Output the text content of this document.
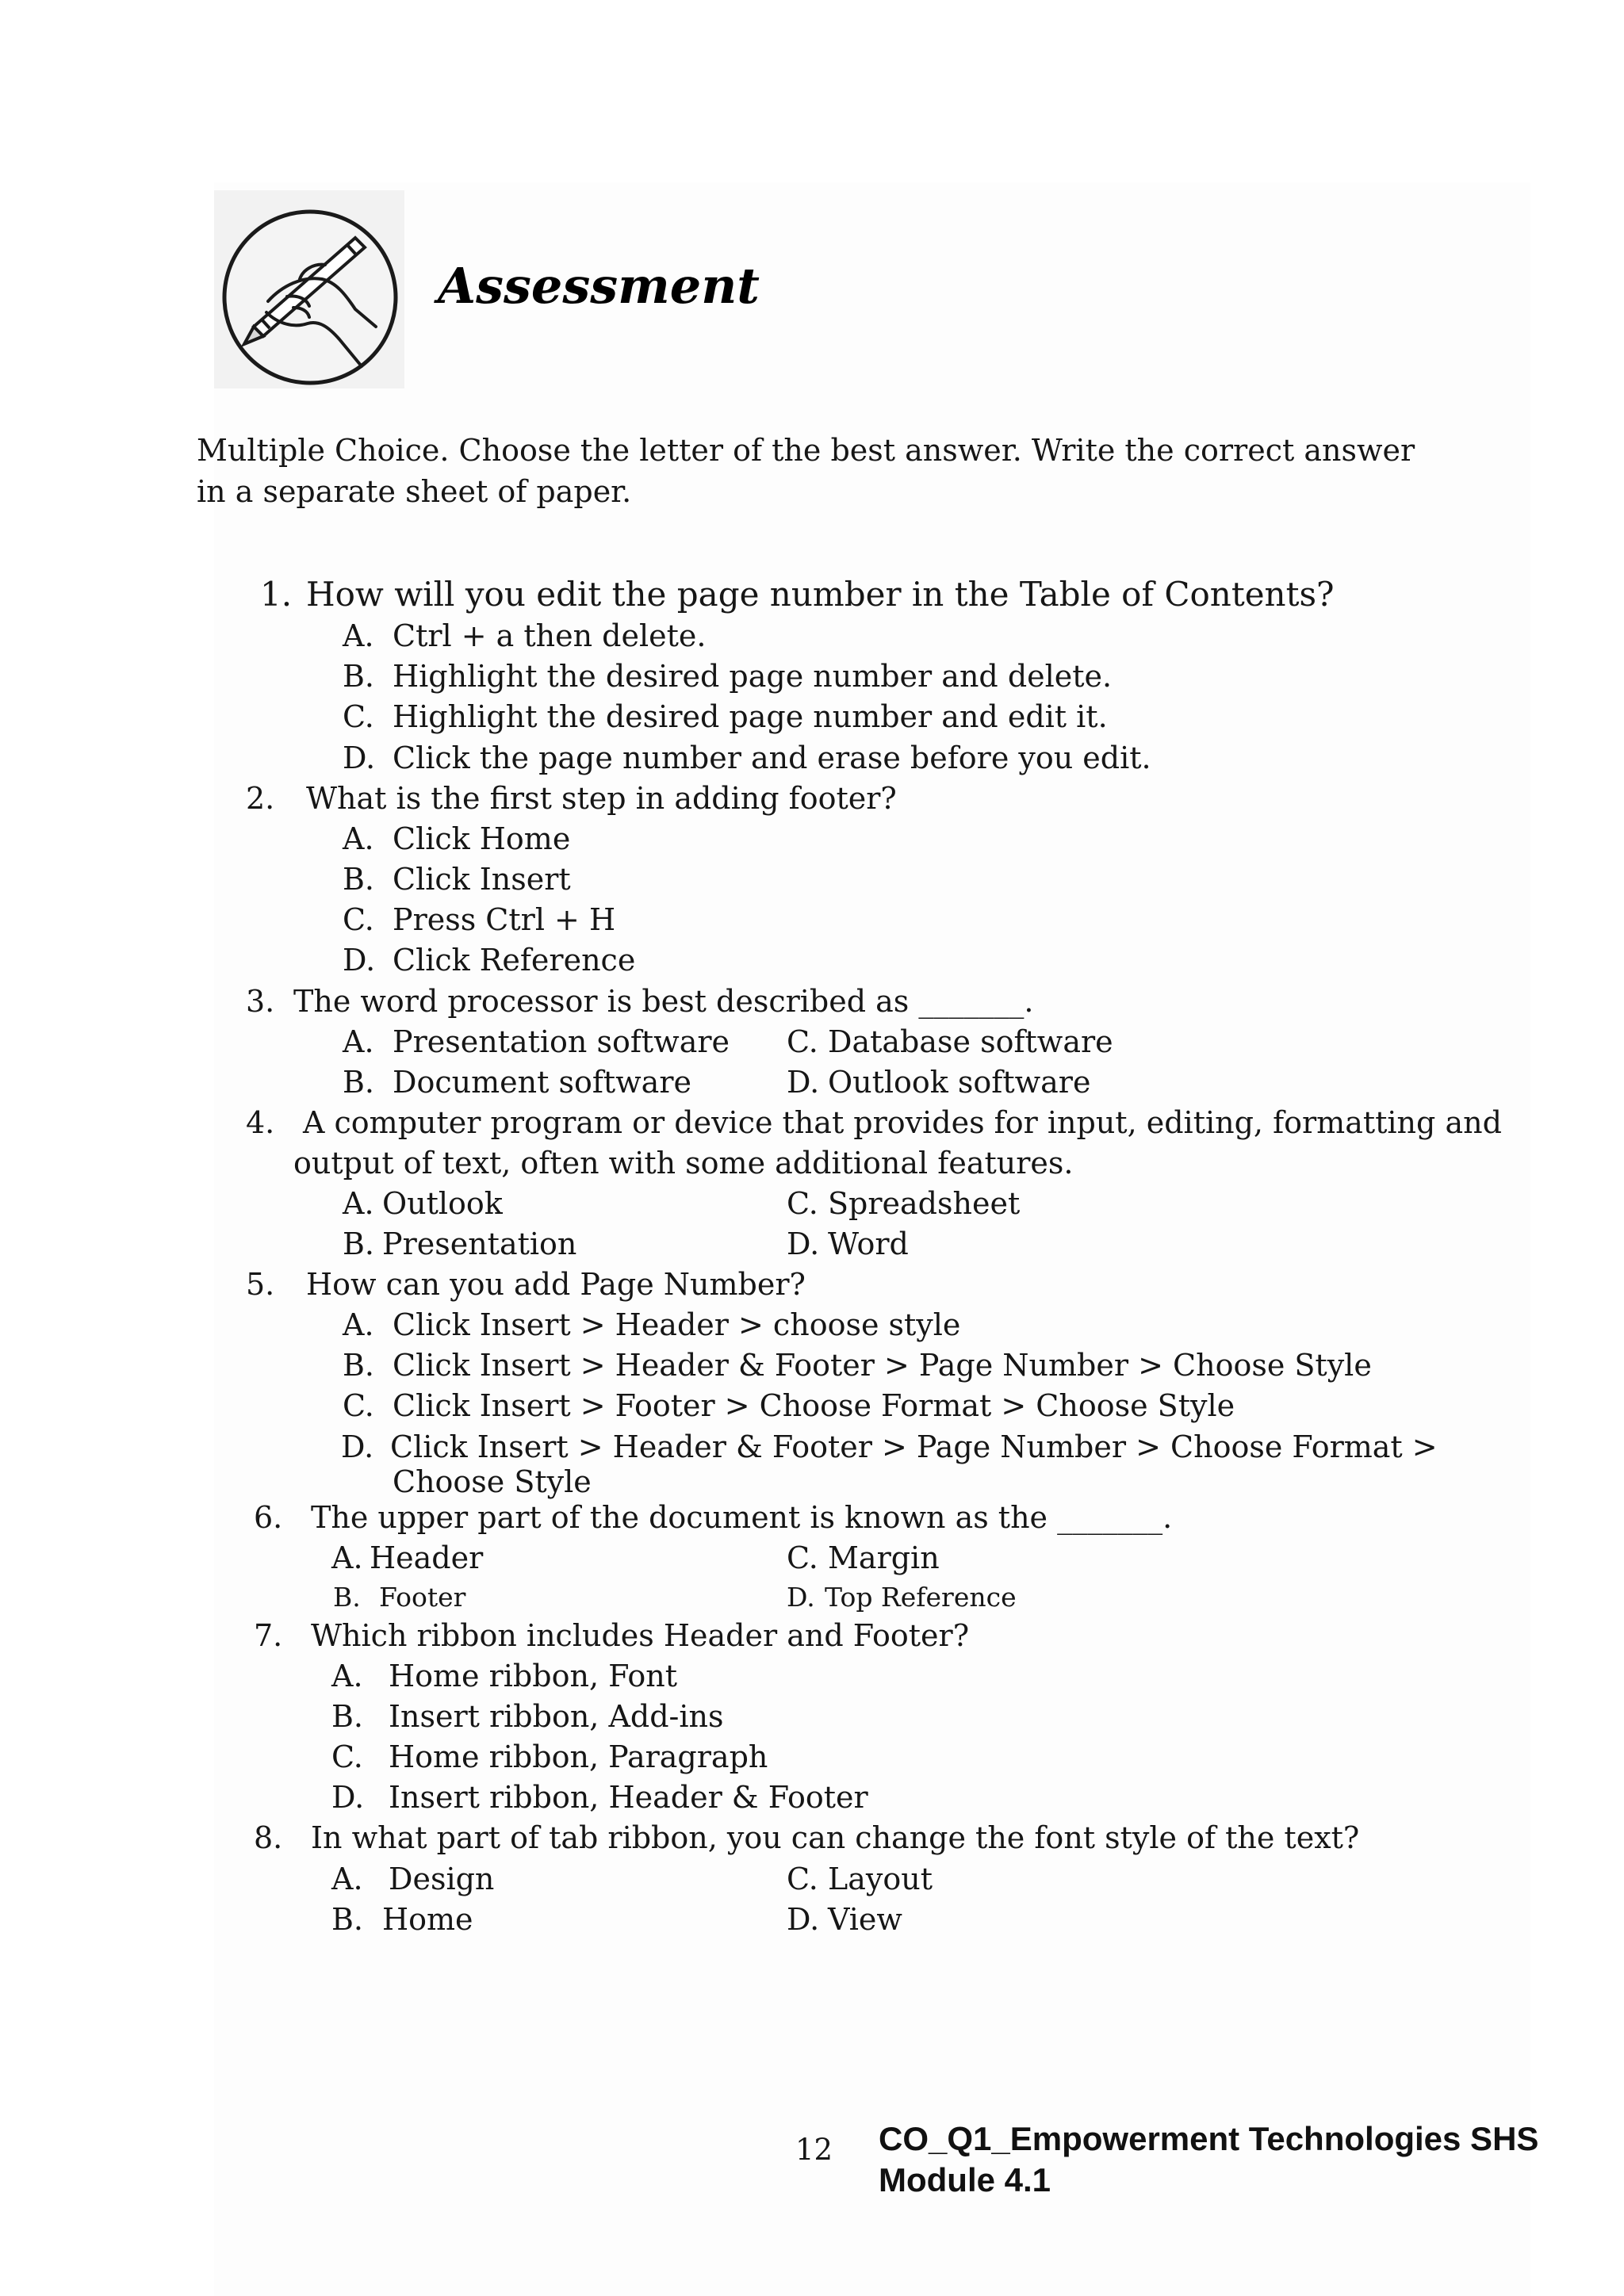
Assessment
Multiple Choice. Choose the letter of the best answer. Write the correct answer in a separate sheet of paper.
1. How will you edit the page number in the Table of Contents?
A. Ctrl + a then delete.
B. Highlight the desired page number and delete.
C. Highlight the desired page number and edit it.
D. Click the page number and erase before you edit.
2. What is the first step in adding footer?
A. Click Home
B. Click Insert
C. Press Ctrl + H
D. Click Reference
3. The word processor is best described as _______.
A. Presentation software C. Database software
B. Document software	D. Outlook software
4. A computer program or device that provides for input, editing, formatting and
output of text, often with some additional features.
A. Outlook	C. Spreadsheet
B. Presentation	D. Word
5. How can you add Page Number?
A. Click Insert > Header > choose style
B. Click Insert > Header & Footer > Page Number > Choose Style
C. Click Insert > Footer > Choose Format > Choose Style
D. Click Insert > Header & Footer > Page Number > Choose Format >
Choose Style
6. The upper part of the document is known as the _______.
A. Header	C. Margin
B. Footer	D. Top Reference
7. Which ribbon includes Header and Footer?
A. Home ribbon, Font
B. Insert ribbon, Add-ins
C. Home ribbon, Paragraph
D. Insert ribbon, Header & Footer
8. In what part of tab ribbon, you can change the font style of the text?
A. Design	C. Layout
B. Home	D. View
12 CO_Q1_Empowerment Technologies SHS
Module 4.1
